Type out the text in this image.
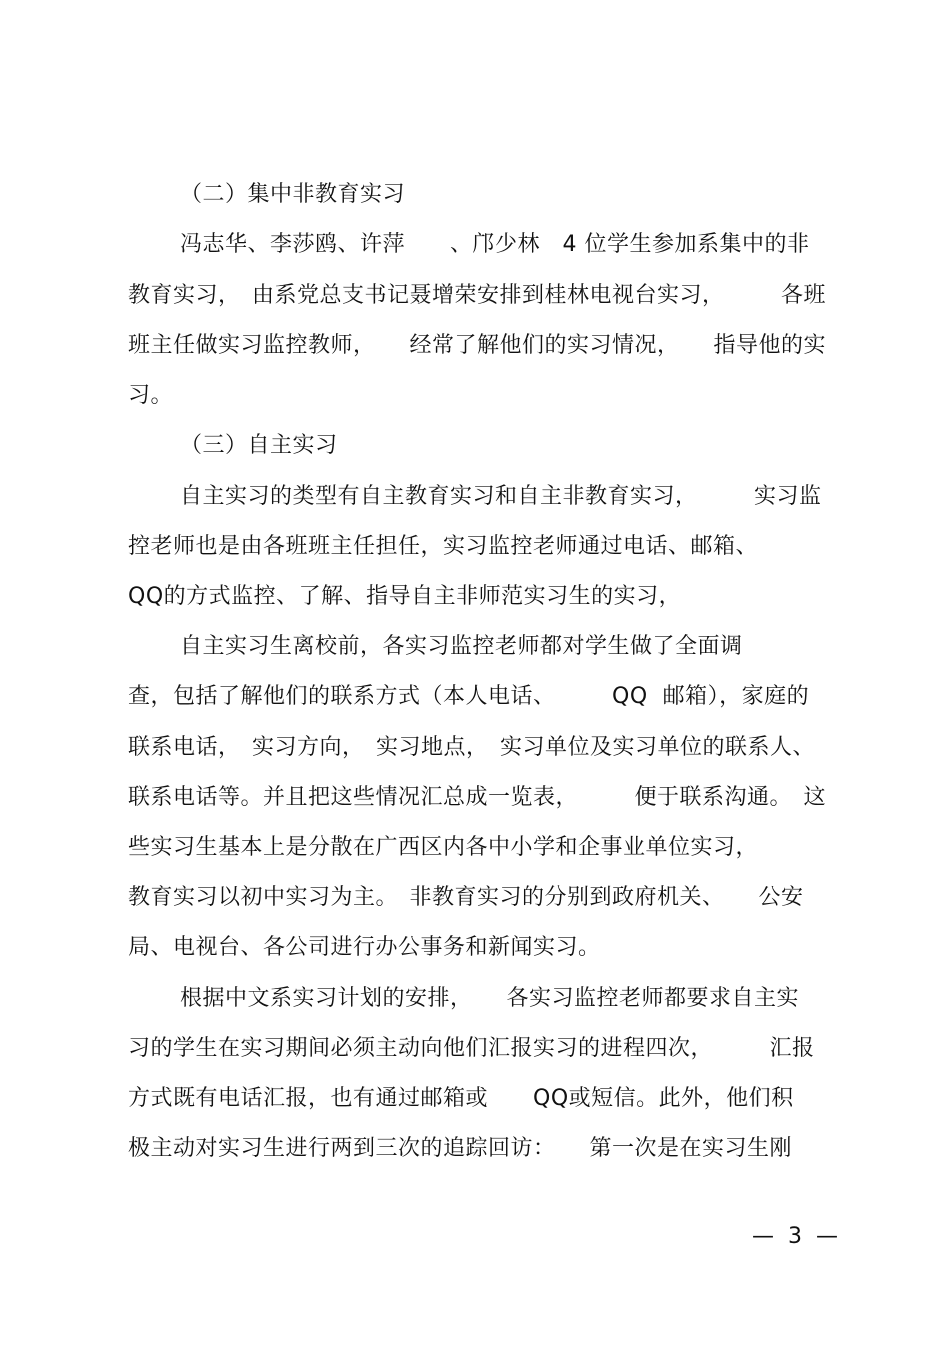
（二）集中非教育实习
冯志华、李莎鸥、许萍　　、邝少林　4 位学生参加系集中的非
教育实习，　由系党总支书记聂增荣安排到桂林电视台实习，　　　各班
班主任做实习监控教师，　　经常了解他们的实习情况，　　指导他的实
习。
（三）自主实习
自主实习的类型有自主教育实习和自主非教育实习，　　　实习监
控老师也是由各班班主任担任，实习监控老师通过电话、邮箱、
QQ的方式监控、了解、指导自主非师范实习生的实习，
自主实习生离校前，各实习监控老师都对学生做了全面调
查，包括了解他们的联系方式（本人电话、　　　QQ  邮箱），家庭的
联系电话，　实习方向，　实习地点，　实习单位及实习单位的联系人、
联系电话等。并且把这些情况汇总成一览表，　　　便于联系沟通。　这
些实习生基本上是分散在广西区内各中小学和企事业单位实习，
教育实习以初中实习为主。　非教育实习的分别到政府机关、　　公安
局、电视台、各公司进行办公事务和新闻实习。
根据中文系实习计划的安排，　　各实习监控老师都要求自主实
习的学生在实习期间必须主动向他们汇报实习的进程四次，　　　汇报
方式既有电话汇报，也有通过邮箱或　　QQ或短信。此外，他们积
极主动对实习生进行两到三次的追踪回访：　　第一次是在实习生刚
—  3  —
